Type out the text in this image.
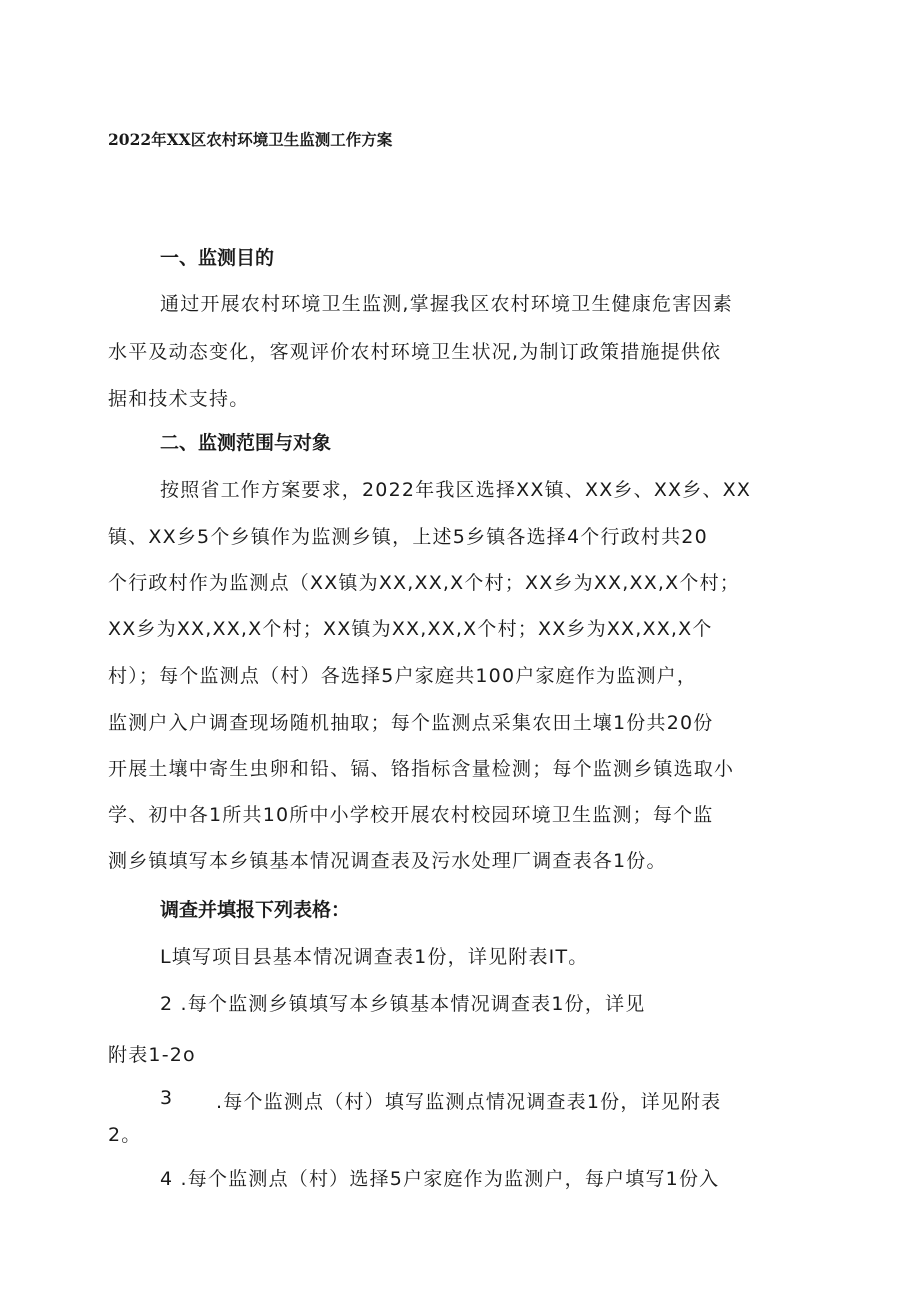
2022年XX区农村环境卫生监测工作方案
一、监测目的
通过开展农村环境卫生监测,掌握我区农村环境卫生健康危害因素
水平及动态变化，客观评价农村环境卫生状况,为制订政策措施提供依
据和技术支持。
二、监测范围与对象
按照省工作方案要求，2022年我区选择XX镇、XX乡、XX乡、XX
镇、XX乡5个乡镇作为监测乡镇，上述5乡镇各选择4个行政村共20
个行政村作为监测点（XX镇为XX,XX,X个村；XX乡为XX,XX,X个村；
XX乡为XX,XX,X个村；XX镇为XX,XX,X个村；XX乡为XX,XX,X个
村）；每个监测点（村）各选择5户家庭共100户家庭作为监测户，
监测户入户调查现场随机抽取；每个监测点采集农田土壤1份共20份
开展土壤中寄生虫卵和铅、镉、铬指标含量检测；每个监测乡镇选取小
学、初中各1所共10所中小学校开展农村校园环境卫生监测；每个监
测乡镇填写本乡镇基本情况调查表及污水处理厂调查表各1份。
调查并填报下列表格：
L填写项目县基本情况调查表1份，详见附表IT。
2 .每个监测乡镇填写本乡镇基本情况调查表1份，详见
附表1-2o
3 .每个监测点（村）填写监测点情况调查表1份，详见附表
2。
4 .每个监测点（村）选择5户家庭作为监测户，每户填写1份入
